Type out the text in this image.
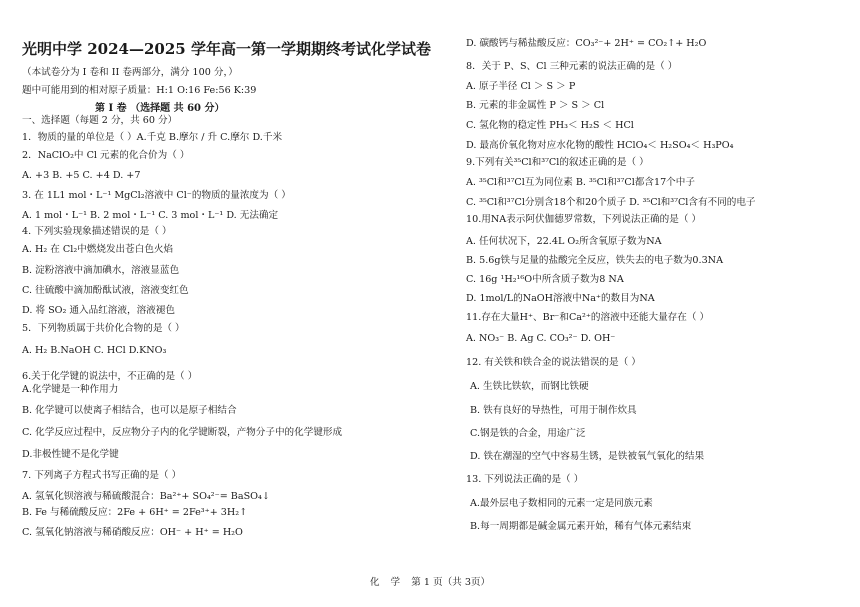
光明中学 2024—2025 学年高一第一学期期终考试化学试卷
（本试卷分为 I 卷和 II 卷两部分，满分 100 分，）
题中可能用到的相对原子质量：H:1 O:16 Fe:56 K:39
第 I 卷 （选择题 共 60 分）
一、选择题（每题 2 分，共 60 分）
1．物质的量的单位是（ ）A.千克 B.摩尔 / 升 C.摩尔 D.千米
2．NaClO₂中 Cl 元素的化合价为（ ）
A. +3 B. +5 C. +4 D. +7
3. 在 1L1 mol・L⁻¹ MgCl₂溶液中 Cl⁻的物质的量浓度为（ ）
A. 1 mol・L⁻¹ B. 2 mol・L⁻¹ C. 3 mol・L⁻¹ D. 无法确定
4. 下列实验现象描述错误的是（ ）
A. H₂ 在 Cl₂中燃烧发出苍白色火焰
B. 淀粉溶液中滴加碘水，溶液显蓝色
C. 往硫酸中滴加酚酞试液，溶液变红色
D. 将 SO₂ 通入品红溶液，溶液褪色
5．下列物质属于共价化合物的是（ ）
A. H₂ B.NaOH C. HCl D.KNO₃
6.关于化学键的说法中，不正确的是（ ）
A.化学键是一种作用力
B. 化学键可以使离子相结合，也可以是原子相结合
C. 化学反应过程中，反应物分子内的化学键断裂，产物分子中的化学键形成
D.非极性键不是化学键
7. 下列离子方程式书写正确的是（ ）
A. 氢氧化钡溶液与稀硫酸混合：Ba²⁺+ SO₄²⁻= BaSO₄↓
B. Fe 与稀硫酸反应：2Fe + 6H⁺ = 2Fe³⁺+ 3H₂↑
C. 氢氧化钠溶液与稀硝酸反应：OH⁻ + H⁺ = H₂O
D. 碳酸钙与稀盐酸反应：CO₃²⁻+ 2H⁺ = CO₂↑+ H₂O
8．关于 P、S、Cl 三种元素的说法正确的是（ ）
A. 原子半径 Cl ＞ S ＞ P
B. 元素的非金属性 P ＞ S ＞ Cl
C. 氢化物的稳定性 PH₃＜ H₂S ＜ HCl
D. 最高价氧化物对应水化物的酸性 HClO₄＜ H₂SO₄＜ H₃PO₄
9.下列有关³⁵Cl和³⁷Cl的叙述正确的是（ ）
A. ³⁵Cl和³⁷Cl互为同位素 B. ³⁵Cl和³⁷Cl都含17个中子
C. ³⁵Cl和³⁷Cl分别含18个和20个质子 D. ³⁵Cl和³⁷Cl含有不同的电子
10.用NA表示阿伏伽德罗常数，下列说法正确的是（ ）
A. 任何状况下，22.4L O₂所含氧原子数为NA
B. 5.6g铁与足量的盐酸完全反应，铁失去的电子数为0.3NA
C. 16g ¹H₂¹⁶O中所含质子数为8 NA
D. 1mol/L的NaOH溶液中Na⁺的数目为NA
11.存在大量H⁺、Br⁻和Ca²⁺的溶液中还能大量存在（ ）
A. NO₃⁻ B. Ag C. CO₃²⁻ D. OH⁻
12. 有关铁和铁合金的说法错误的是（ ）
A. 生铁比铁软，而钢比铁硬
B. 铁有良好的导热性，可用于制作炊具
C.钢是铁的合金，用途广泛
D. 铁在潮湿的空气中容易生锈，是铁被氧气氧化的结果
13. 下列说法正确的是（ ）
A.最外层电子数相同的元素一定是同族元素
B.每一周期都是碱金属元素开始，稀有气体元素结束
化 学 第 1 页（共 3页）
